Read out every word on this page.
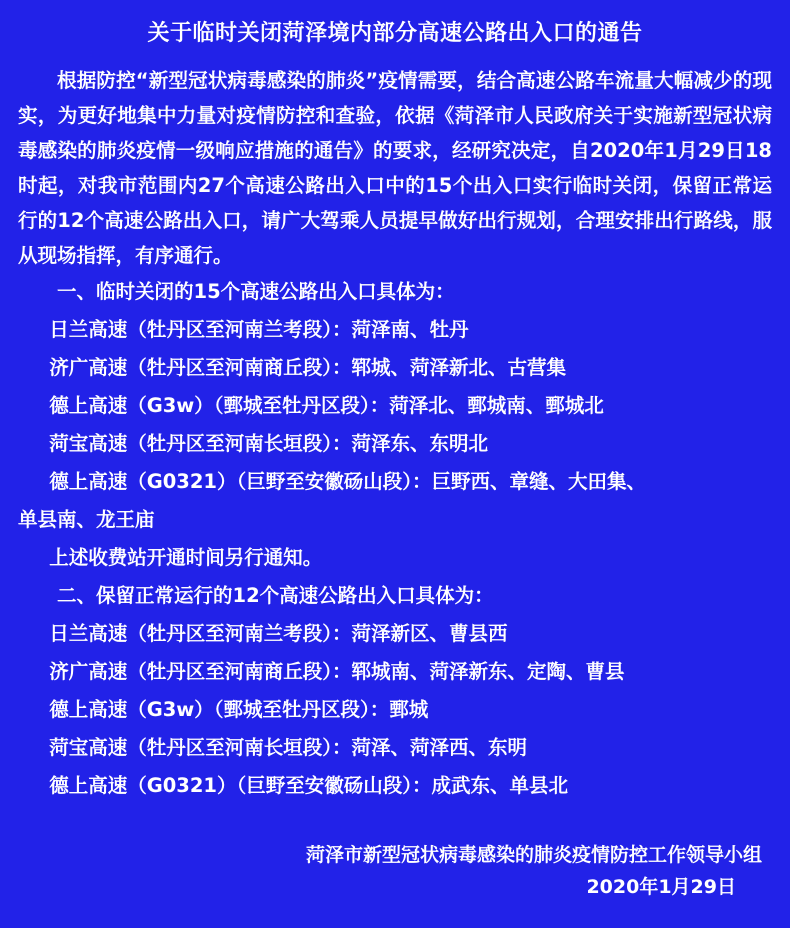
关于临时关闭菏泽境内部分高速公路出入口的通告
根据防控“新型冠状病毒感染的肺炎”疫情需要，结合高速公路车流量大幅减少的现实，为更好地集中力量对疫情防控和查验，依据《菏泽市人民政府关于实施新型冠状病毒感染的肺炎疫情一级响应措施的通告》的要求，经研究决定，自2020年1月29日18时起，对我市范围内27个高速公路出入口中的15个出入口实行临时关闭，保留正常运行的12个高速公路出入口，请广大驾乘人员提早做好出行规划，合理安排出行路线，服从现场指挥，有序通行。
一、临时关闭的15个高速公路出入口具体为：
日兰高速（牡丹区至河南兰考段）：菏泽南、牡丹
济广高速（牡丹区至河南商丘段）：郓城、菏泽新北、古营集
德上高速（G3w）（鄄城至牡丹区段）：菏泽北、鄄城南、鄄城北
菏宝高速（牡丹区至河南长垣段）：菏泽东、东明北
德上高速（G0321）（巨野至安徽砀山段）：巨野西、章缝、大田集、
单县南、龙王庙
上述收费站开通时间另行通知。
二、保留正常运行的12个高速公路出入口具体为：
日兰高速（牡丹区至河南兰考段）：菏泽新区、曹县西
济广高速（牡丹区至河南商丘段）：郓城南、菏泽新东、定陶、曹县
德上高速（G3w）（鄄城至牡丹区段）：鄄城
菏宝高速（牡丹区至河南长垣段）：菏泽、菏泽西、东明
德上高速（G0321）（巨野至安徽砀山段）：成武东、单县北
菏泽市新型冠状病毒感染的肺炎疫情防控工作领导小组
2020年1月29日
